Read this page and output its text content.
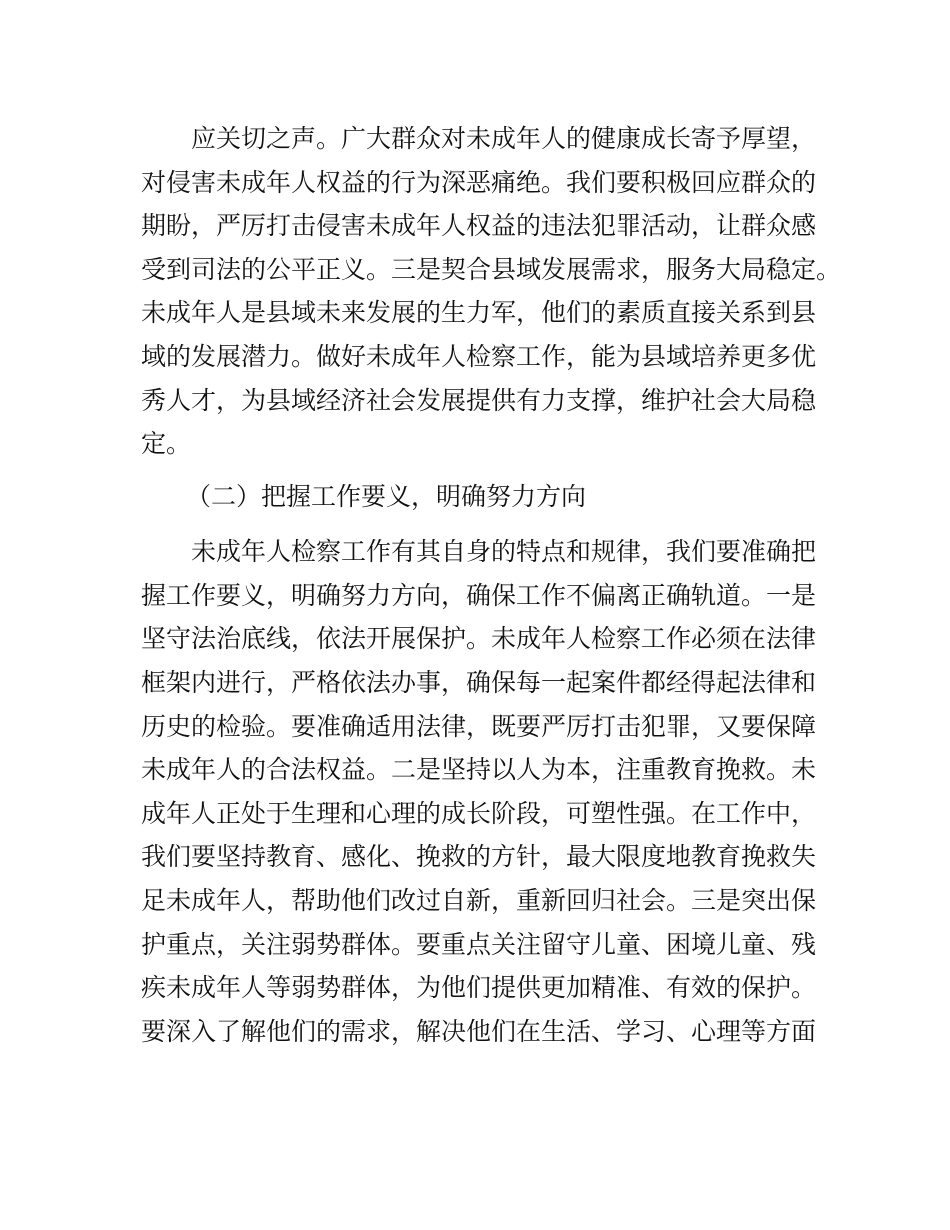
应关切之声。广大群众对未成年人的健康成长寄予厚望，

对侵害未成年人权益的行为深恶痛绝。我们要积极回应群众的

期盼，严厉打击侵害未成年人权益的违法犯罪活动，让群众感

受到司法的公平正义。三是契合县域发展需求，服务大局稳定。

未成年人是县域未来发展的生力军，他们的素质直接关系到县

域的发展潜力。做好未成年人检察工作，能为县域培养更多优

秀人才，为县域经济社会发展提供有力支撑，维护社会大局稳

定。

（二）把握工作要义，明确努力方向

未成年人检察工作有其自身的特点和规律，我们要准确把

握工作要义，明确努力方向，确保工作不偏离正确轨道。一是

坚守法治底线，依法开展保护。未成年人检察工作必须在法律

框架内进行，严格依法办事，确保每一起案件都经得起法律和

历史的检验。要准确适用法律，既要严厉打击犯罪，又要保障

未成年人的合法权益。二是坚持以人为本，注重教育挽救。未

成年人正处于生理和心理的成长阶段，可塑性强。在工作中，

我们要坚持教育、感化、挽救的方针，最大限度地教育挽救失

足未成年人，帮助他们改过自新，重新回归社会。三是突出保

护重点，关注弱势群体。要重点关注留守儿童、困境儿童、残

疾未成年人等弱势群体，为他们提供更加精准、有效的保护。

要深入了解他们的需求，解决他们在生活、学习、心理等方面
